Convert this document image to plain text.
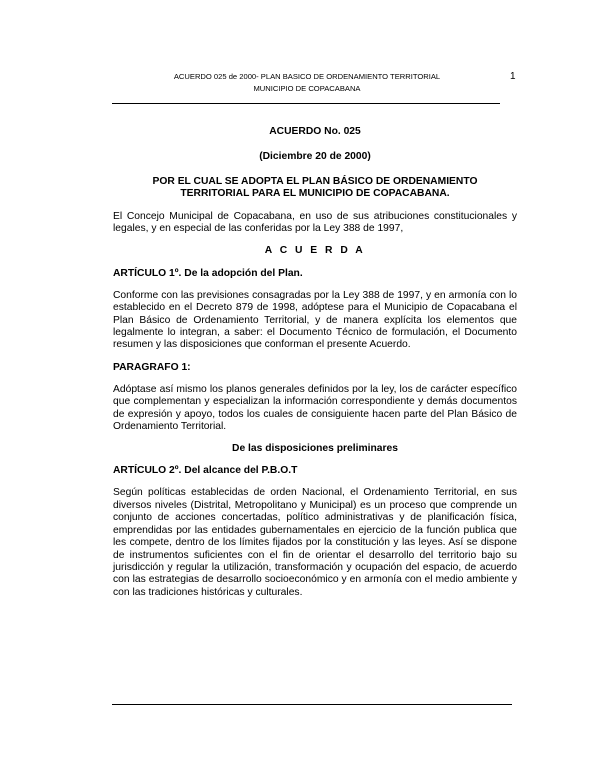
ACUERDO 025 de 2000- PLAN BASICO DE ORDENAMIENTO TERRITORIAL
MUNICIPIO DE COPACABANA
1
ACUERDO No. 025
(Diciembre 20 de 2000)
POR EL CUAL SE ADOPTA EL PLAN BÁSICO DE ORDENAMIENTO
TERRITORIAL PARA EL MUNICIPIO DE COPACABANA.

El Concejo Municipal de Copacabana, en uso de sus atribuciones constitucionales y legales, y en especial de las conferidas por la Ley 388 de 1997,

A C U E R D A
ARTÍCULO 1º. De la adopción del Plan.

Conforme con las previsiones consagradas por la Ley 388 de 1997, y en armonía con lo establecido en el Decreto 879 de 1998, adóptese para el Municipio de Copacabana el Plan Básico de Ordenamiento Territorial, y de manera explícita los elementos que legalmente lo integran, a saber: el Documento Técnico de formulación, el Documento resumen y las disposiciones que conforman el presente Acuerdo.

PARAGRAFO 1:

Adóptase así mismo los planos generales definidos por la ley, los de carácter específico que complementan y especializan la información correspondiente y demás documentos de expresión y apoyo, todos los cuales de consiguiente hacen parte del Plan Básico de Ordenamiento Territorial.

De las disposiciones preliminares
ARTÍCULO 2º. Del alcance del P.B.O.T

Según políticas establecidas de orden Nacional, el Ordenamiento Territorial, en sus diversos niveles (Distrital, Metropolitano y Municipal) es un proceso que comprende un conjunto de acciones concertadas, político administrativas y de planificación física, emprendidas por las entidades gubernamentales en ejercicio de la función publica que les compete, dentro de los límites fijados por la constitución y las leyes. Así se dispone de instrumentos suficientes con el fin de orientar el desarrollo del territorio bajo su jurisdicción y regular la utilización, transformación y ocupación del espacio, de acuerdo con las estrategias de desarrollo socioeconómico y en armonía con el medio ambiente y con las tradiciones históricas y culturales.
